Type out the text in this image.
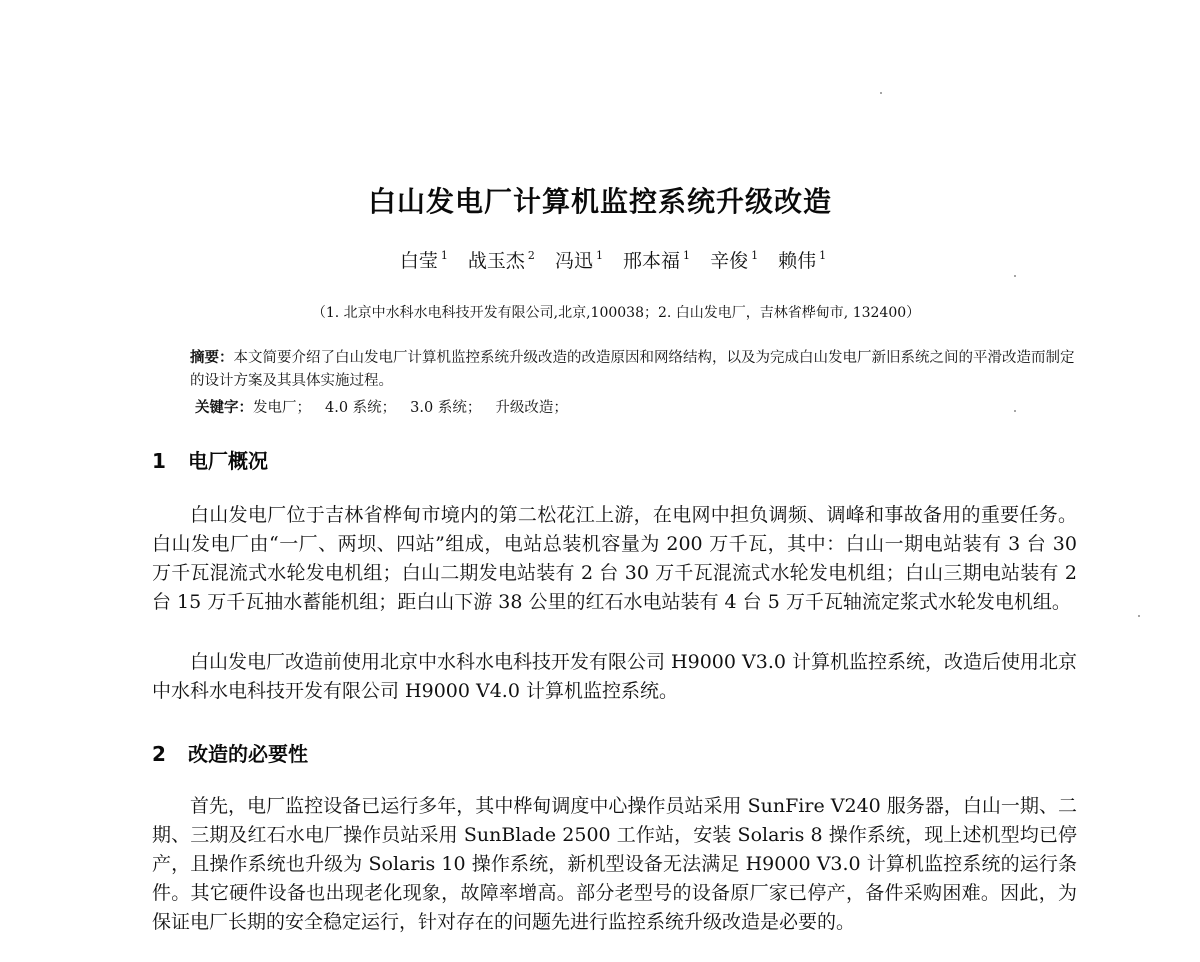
白山发电厂计算机监控系统升级改造
白莹 $^1$ 战玉杰 $^2$ 冯迅 $^1$ 邢本福 $^1$ 辛俊 $^1$ 赖伟 $^1$
（1. 北京中水科水电科技开发有限公司,北京,100038；2. 白山发电厂，吉林省桦甸市, 132400）
摘要：本文简要介绍了白山发电厂计算机监控系统升级改造的改造原因和网络结构，以及为完成白山发电厂新旧系统之间的平滑改造而制定的设计方案及其具体实施过程。
关键字：发电厂； 4.0 系统； 3.0 系统； 升级改造；
1 电厂概况

白山发电厂位于吉林省桦甸市境内的第二松花江上游，在电网中担负调频、调峰和事故备用的重要任务。白山发电厂由“一厂、两坝、四站”组成，电站总装机容量为 200 万千瓦，其中：白山一期电站装有 3 台 30 万千瓦混流式水轮发电机组；白山二期发电站装有 2 台 30 万千瓦混流式水轮发电机组；白山三期电站装有 2 台 15 万千瓦抽水蓄能机组；距白山下游 38 公里的红石水电站装有 4 台 5 万千瓦轴流定浆式水轮发电机组。

白山发电厂改造前使用北京中水科水电科技开发有限公司 H9000 V3.0 计算机监控系统，改造后使用北京中水科水电科技开发有限公司 H9000 V4.0 计算机监控系统。

2 改造的必要性

首先，电厂监控设备已运行多年，其中桦甸调度中心操作员站采用 SunFire V240 服务器，白山一期、二期、三期及红石水电厂操作员站采用 SunBlade 2500 工作站，安装 Solaris 8 操作系统，现上述机型均已停产，且操作系统也升级为 Solaris 10 操作系统，新机型设备无法满足 H9000 V3.0 计算机监控系统的运行条件。其它硬件设备也出现老化现象，故障率增高。部分老型号的设备原厂家已停产，备件采购困难。因此，为保证电厂长期的安全稳定运行，针对存在的问题先进行监控系统升级改造是必要的。
